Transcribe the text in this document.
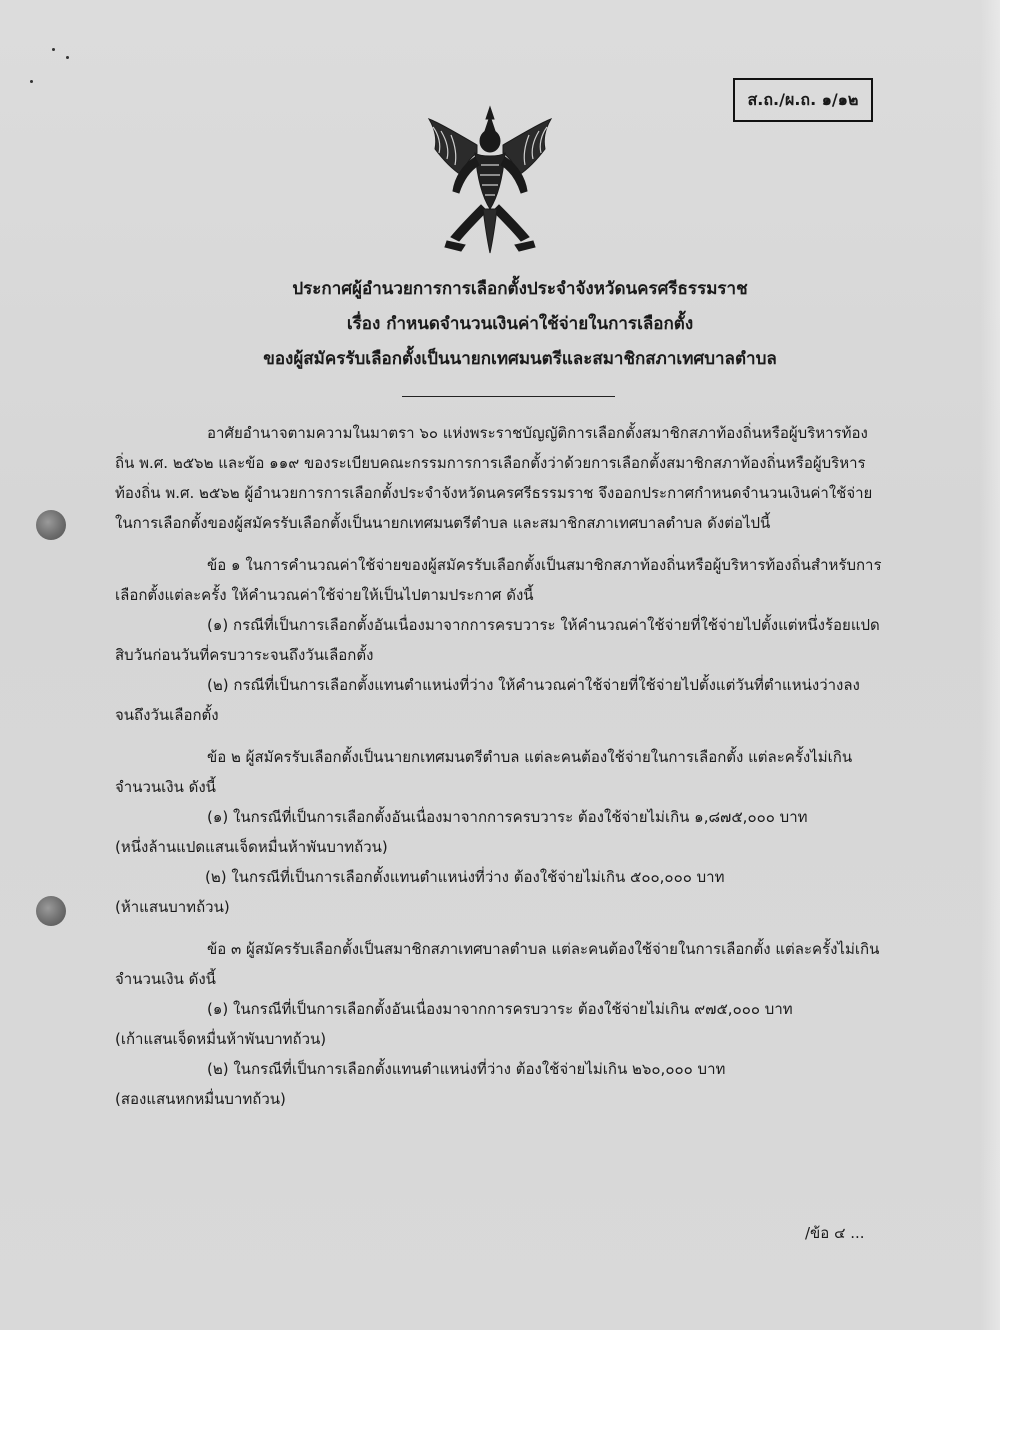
ส.ถ./ผ.ถ. ๑/๑๒
ประกาศผู้อำนวยการการเลือกตั้งประจำจังหวัดนครศรีธรรมราช
เรื่อง กำหนดจำนวนเงินค่าใช้จ่ายในการเลือกตั้ง
ของผู้สมัครรับเลือกตั้งเป็นนายกเทศมนตรีและสมาชิกสภาเทศบาลตำบล

อาศัยอำนาจตามความในมาตรา ๖๐ แห่งพระราชบัญญัติการเลือกตั้งสมาชิกสภาท้องถิ่นหรือผู้บริหารท้องถิ่น พ.ศ. ๒๕๖๒ และข้อ ๑๑๙ ของระเบียบคณะกรรมการการเลือกตั้งว่าด้วยการเลือกตั้งสมาชิกสภาท้องถิ่นหรือผู้บริหารท้องถิ่น พ.ศ. ๒๕๖๒ ผู้อำนวยการการเลือกตั้งประจำจังหวัดนครศรีธรรมราช จึงออกประกาศกำหนดจำนวนเงินค่าใช้จ่ายในการเลือกตั้งของผู้สมัครรับเลือกตั้งเป็นนายกเทศมนตรีตำบล และสมาชิกสภาเทศบาลตำบล ดังต่อไปนี้

ข้อ ๑ ในการคำนวณค่าใช้จ่ายของผู้สมัครรับเลือกตั้งเป็นสมาชิกสภาท้องถิ่นหรือผู้บริหารท้องถิ่นสำหรับการเลือกตั้งแต่ละครั้ง ให้คำนวณค่าใช้จ่ายให้เป็นไปตามประกาศ ดังนี้

(๑) กรณีที่เป็นการเลือกตั้งอันเนื่องมาจากการครบวาระ ให้คำนวณค่าใช้จ่ายที่ใช้จ่ายไปตั้งแต่หนึ่งร้อยแปดสิบวันก่อนวันที่ครบวาระจนถึงวันเลือกตั้ง

(๒) กรณีที่เป็นการเลือกตั้งแทนตำแหน่งที่ว่าง ให้คำนวณค่าใช้จ่ายที่ใช้จ่ายไปตั้งแต่วันที่ตำแหน่งว่างลงจนถึงวันเลือกตั้ง

ข้อ ๒ ผู้สมัครรับเลือกตั้งเป็นนายกเทศมนตรีตำบล แต่ละคนต้องใช้จ่ายในการเลือกตั้ง แต่ละครั้งไม่เกินจำนวนเงิน ดังนี้

(๑) ในกรณีที่เป็นการเลือกตั้งอันเนื่องมาจากการครบวาระ ต้องใช้จ่ายไม่เกิน ๑,๘๗๕,๐๐๐ บาท

(หนึ่งล้านแปดแสนเจ็ดหมื่นห้าพันบาทถ้วน)

(๒) ในกรณีที่เป็นการเลือกตั้งแทนตำแหน่งที่ว่าง ต้องใช้จ่ายไม่เกิน ๕๐๐,๐๐๐ บาท

(ห้าแสนบาทถ้วน)

ข้อ ๓ ผู้สมัครรับเลือกตั้งเป็นสมาชิกสภาเทศบาลตำบล แต่ละคนต้องใช้จ่ายในการเลือกตั้ง แต่ละครั้งไม่เกินจำนวนเงิน ดังนี้

(๑) ในกรณีที่เป็นการเลือกตั้งอันเนื่องมาจากการครบวาระ ต้องใช้จ่ายไม่เกิน ๙๗๕,๐๐๐ บาท

(เก้าแสนเจ็ดหมื่นห้าพันบาทถ้วน)

(๒) ในกรณีที่เป็นการเลือกตั้งแทนตำแหน่งที่ว่าง ต้องใช้จ่ายไม่เกิน ๒๖๐,๐๐๐ บาท

(สองแสนหกหมื่นบาทถ้วน)

/ข้อ ๔ ...
